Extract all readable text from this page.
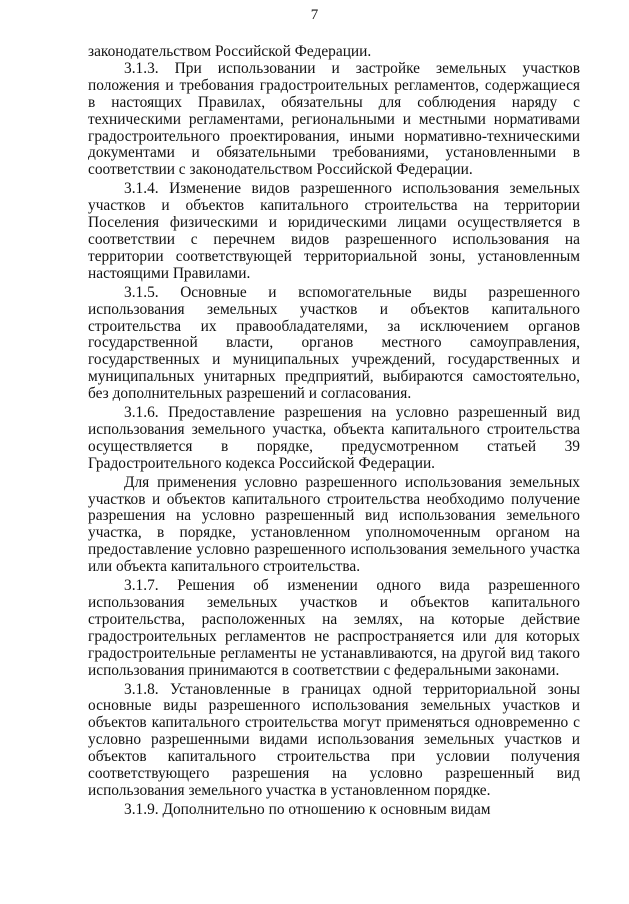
7

законодательством Российской Федерации.

3.1.3. При использовании и застройке земельных участков положения и требования градостроительных регламентов, содержащиеся в настоящих Правилах, обязательны для соблюдения наряду с техническими регламентами, региональными и местными нормативами градостроительного проектирования, иными нормативно-техническими документами и обязательными требованиями, установленными в соответствии с законодательством Российской Федерации.

3.1.4. Изменение видов разрешенного использования земельных участков и объектов капитального строительства на территории Поселения физическими и юридическими лицами осуществляется в соответствии с перечнем видов разрешенного использования на территории соответствующей территориальной зоны, установленным настоящими Правилами.

3.1.5. Основные и вспомогательные виды разрешенного использования земельных участков и объектов капитального строительства их правообладателями, за исключением органов государственной власти, органов местного самоуправления, государственных и муниципальных учреждений, государственных и муниципальных унитарных предприятий, выбираются самостоятельно, без дополнительных разрешений и согласования.

3.1.6. Предоставление разрешения на условно разрешенный вид использования земельного участка, объекта капитального строительства осуществляется в порядке, предусмотренном статьей 39 Градостроительного кодекса Российской Федерации.

Для применения условно разрешенного использования земельных участков и объектов капитального строительства необходимо получение разрешения на условно разрешенный вид использования земельного участка, в порядке, установленном уполномоченным органом на предоставление условно разрешенного использования земельного участка или объекта капитального строительства.

3.1.7. Решения об изменении одного вида разрешенного использования земельных участков и объектов капитального строительства, расположенных на землях, на которые действие градостроительных регламентов не распространяется или для которых градостроительные регламенты не устанавливаются, на другой вид такого использования принимаются в соответствии с федеральными законами.

3.1.8. Установленные в границах одной территориальной зоны основные виды разрешенного использования земельных участков и объектов капитального строительства могут применяться одновременно с условно разрешенными видами использования земельных участков и объектов капитального строительства при условии получения соответствующего разрешения на условно разрешенный вид использования земельного участка в установленном порядке.

3.1.9. Дополнительно по отношению к основным видам
